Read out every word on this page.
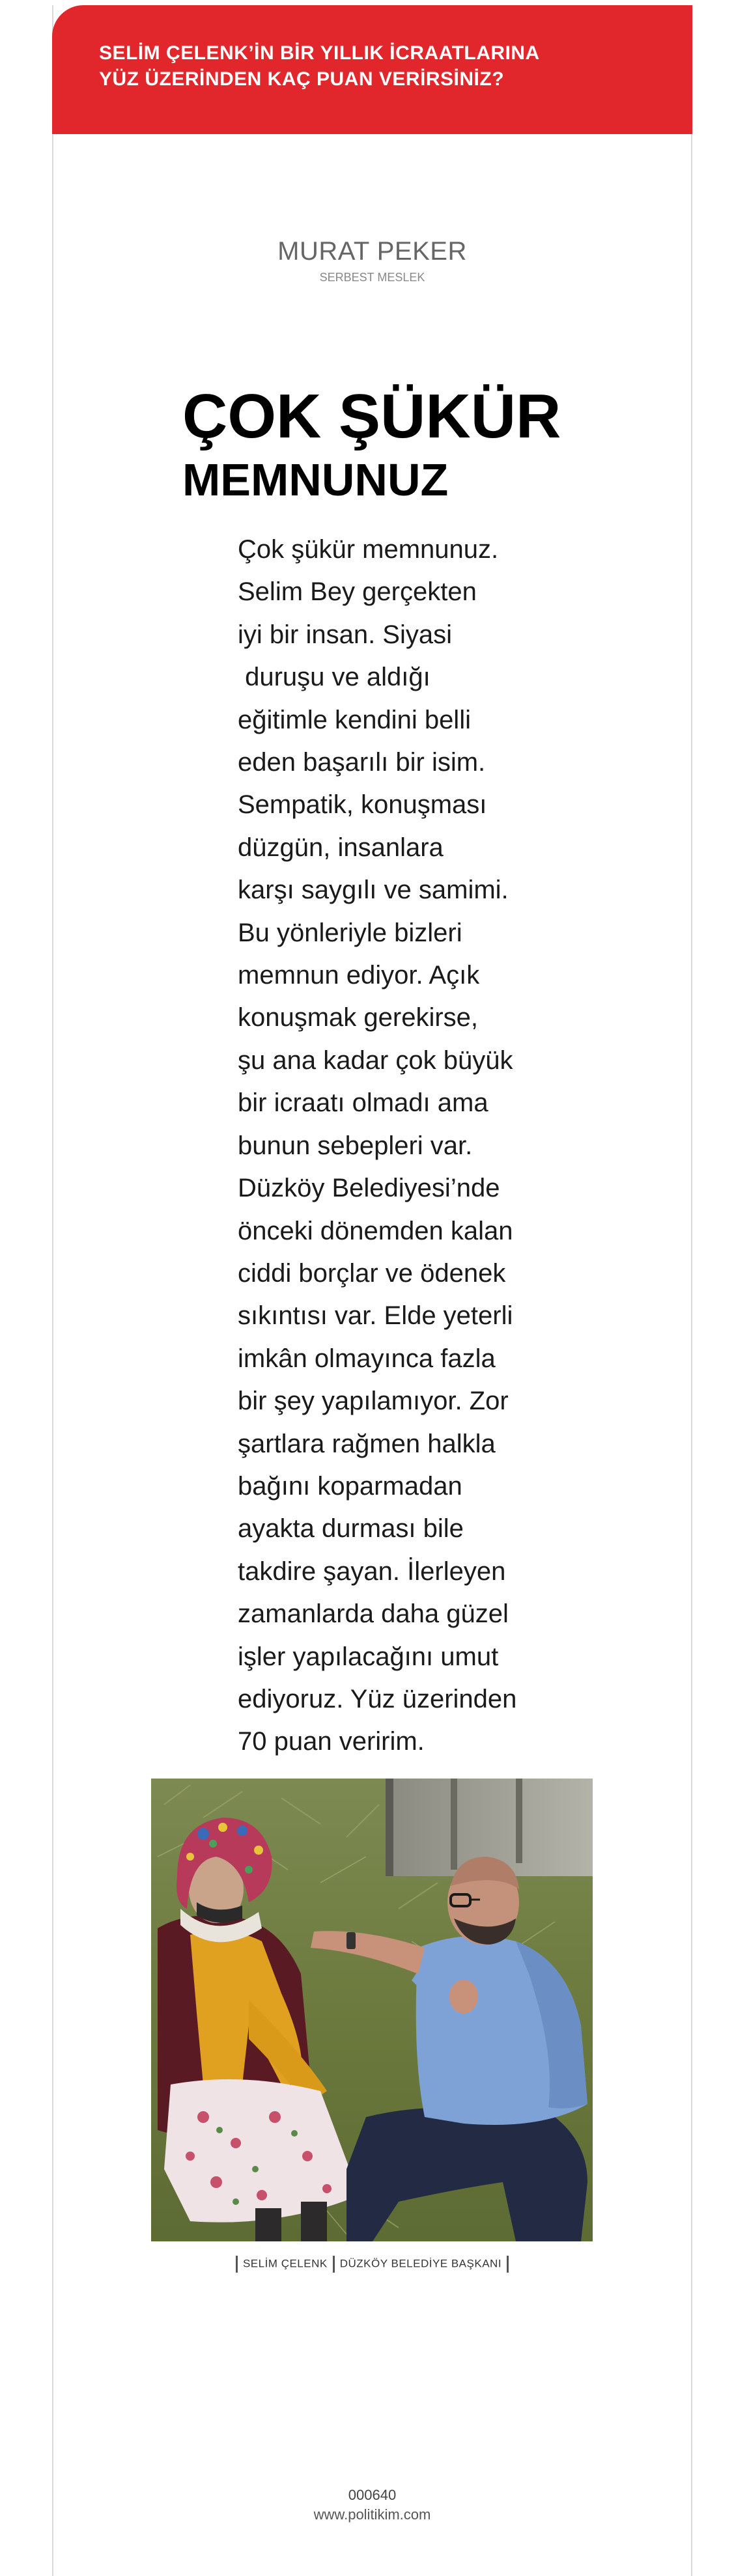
SELİM ÇELENK’İN BİR YILLIK İCRAATLARINA
YÜZ ÜZERİNDEN KAÇ PUAN VERİRSİNİZ?
MURAT PEKER
SERBEST MESLEK
ÇOK ŞÜKÜR
MEMNUNUZ
Çok şükür memnunuz.
Selim Bey gerçekten
iyi bir insan. Siyasi
duruşu ve aldığı
eğitimle kendini belli
eden başarılı bir isim.
Sempatik, konuşması
düzgün, insanlara
karşı saygılı ve samimi.
Bu yönleriyle bizleri
memnun ediyor. Açık
konuşmak gerekirse,
şu ana kadar çok büyük
bir icraatı olmadı ama
bunun sebepleri var.
Düzköy Belediyesi’nde
önceki dönemden kalan
ciddi borçlar ve ödenek
sıkıntısı var. Elde yeterli
imkân olmayınca fazla
bir şey yapılamıyor. Zor
şartlara rağmen halkla
bağını koparmadan
ayakta durması bile
takdire şayan. İlerleyen
zamanlarda daha güzel
işler yapılacağını umut
ediyoruz. Yüz üzerinden
70 puan veririm.
SELİM ÇELENK DÜZKÖY BELEDİYE BAŞKANI
000640
www.politikim.com
